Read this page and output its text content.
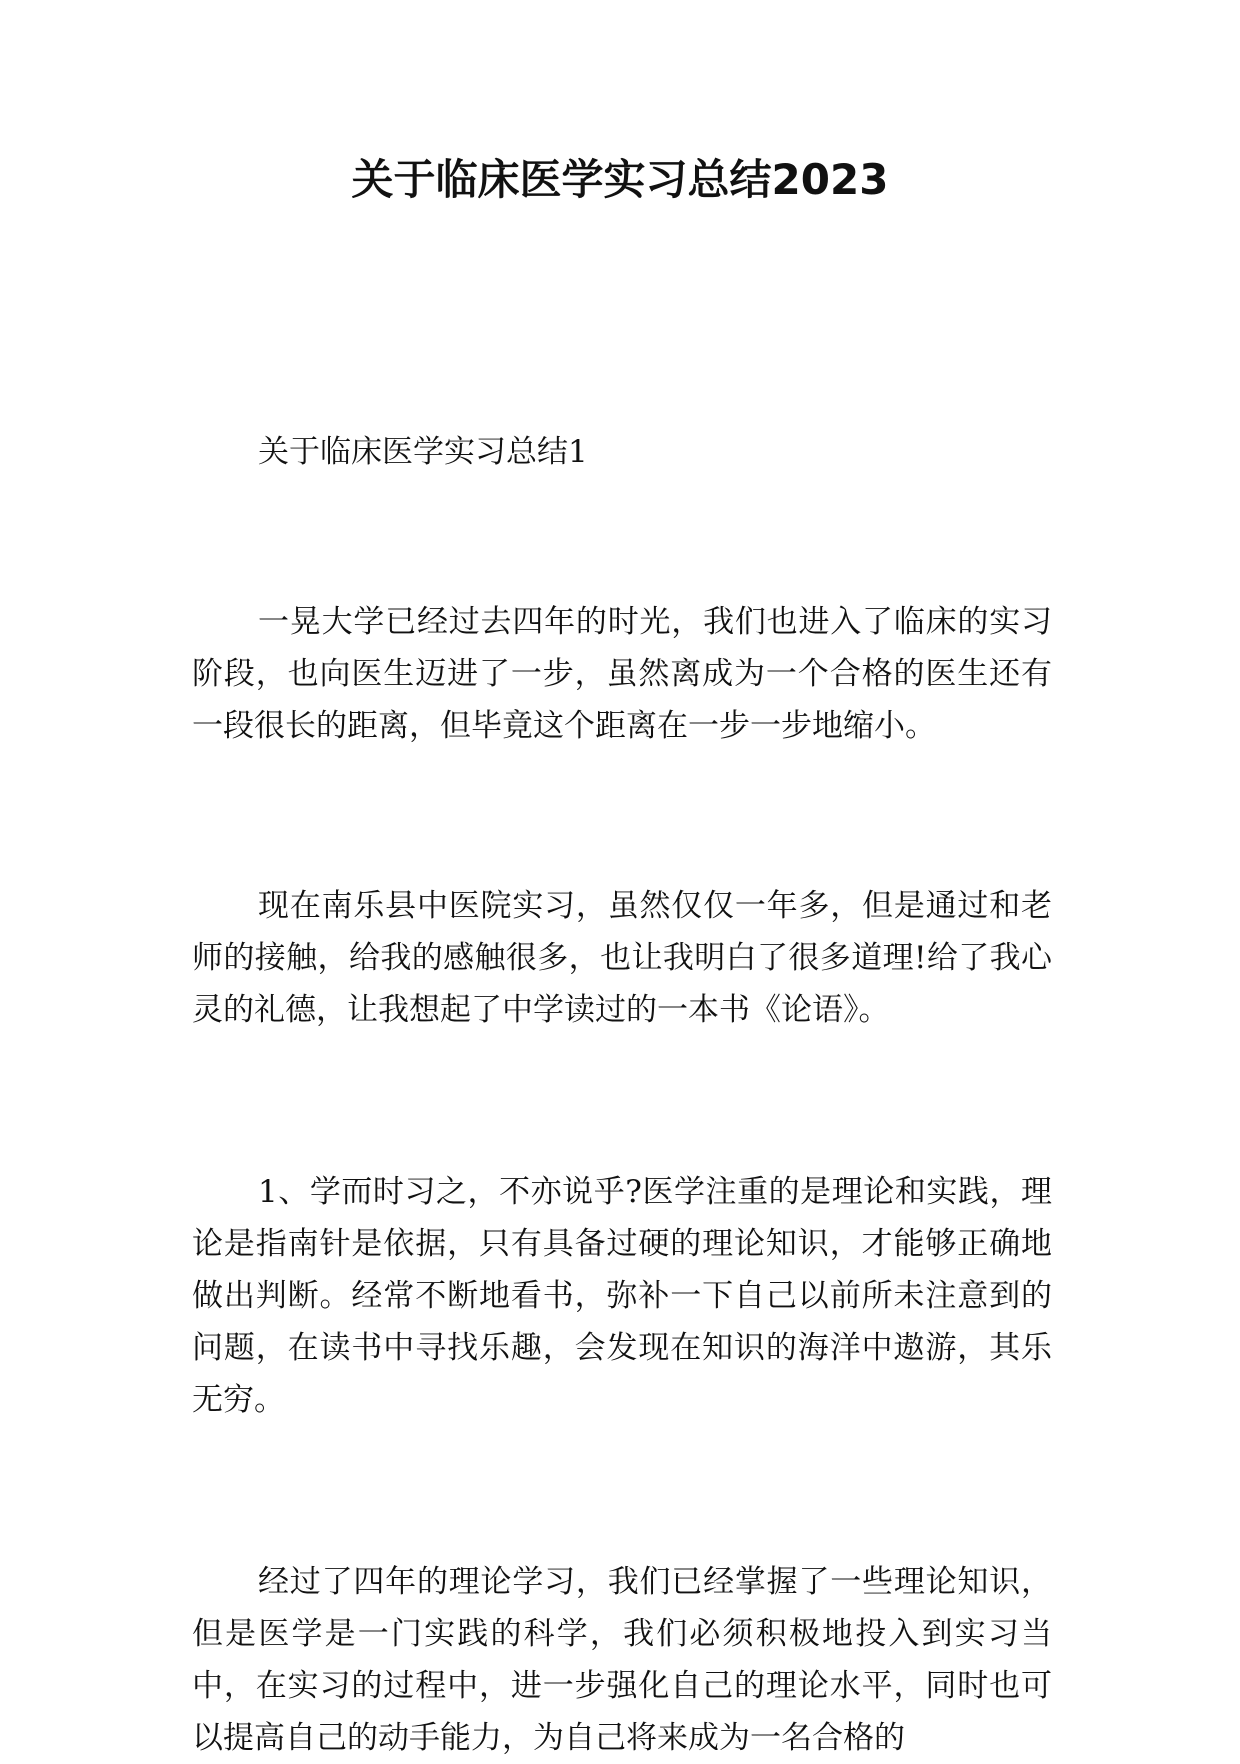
关于临床医学实习总结2023

关于临床医学实习总结1

一晃大学已经过去四年的时光，我们也进入了临床的实习阶段，也向医生迈进了一步，虽然离成为一个合格的医生还有一段很长的距离，但毕竟这个距离在一步一步地缩小。

现在南乐县中医院实习，虽然仅仅一年多，但是通过和老师的接触，给我的感触很多，也让我明白了很多道理!给了我心灵的礼德，让我想起了中学读过的一本书《论语》。

1、学而时习之，不亦说乎?医学注重的是理论和实践，理论是指南针是依据，只有具备过硬的理论知识，才能够正确地做出判断。经常不断地看书，弥补一下自己以前所未注意到的问题，在读书中寻找乐趣，会发现在知识的海洋中遨游，其乐无穷。

经过了四年的理论学习，我们已经掌握了一些理论知识，但是医学是一门实践的科学，我们必须积极地投入到实习当中，在实习的过程中，进一步强化自己的理论水平，同时也可以提高自己的动手能力，为自己将来成为一名合格的
